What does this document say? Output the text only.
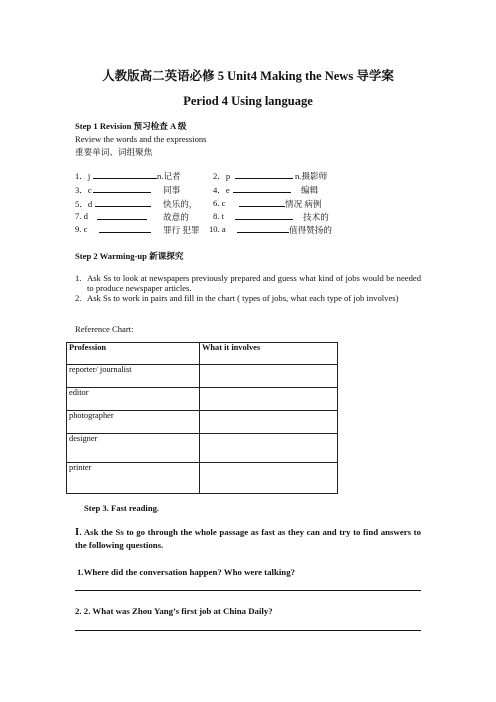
人教版高二英语必修 5 Unit4 Making the News 导学案
Period 4 Using language
Step 1 Revision 预习检查 A 级
Review the words and the expressions
重要单词、词组聚焦
1．j	n.记者	2．p	n.摄影师
3．c	同事	4．e	编辑
5．d	快乐的， 6. c	情况 病例
7. d	故意的	8. t	技术的
9. c	罪行 犯罪 10. a	值得赞扬的
Step 2 Warming-up 新课探究
1. Ask Ss to look at newspapers previously prepared and guess what kind of jobs would be needed to produce newspaper articles.
2. Ask Ss to work in pairs and fill in the chart ( types of jobs, what each type of job involves)
Reference Chart:
Profession	What it involves
reporter/ journalist	
editor	
photographer	
designer	
printer	
Step 3. Fast reading.
Ⅰ. Ask the Ss to go through the whole passage as fast as they can and try to find answers to the following questions.
1.Where did the conversation happen? Who were talking?
2. 2. What was Zhou Yang’s first job at China Daily?
